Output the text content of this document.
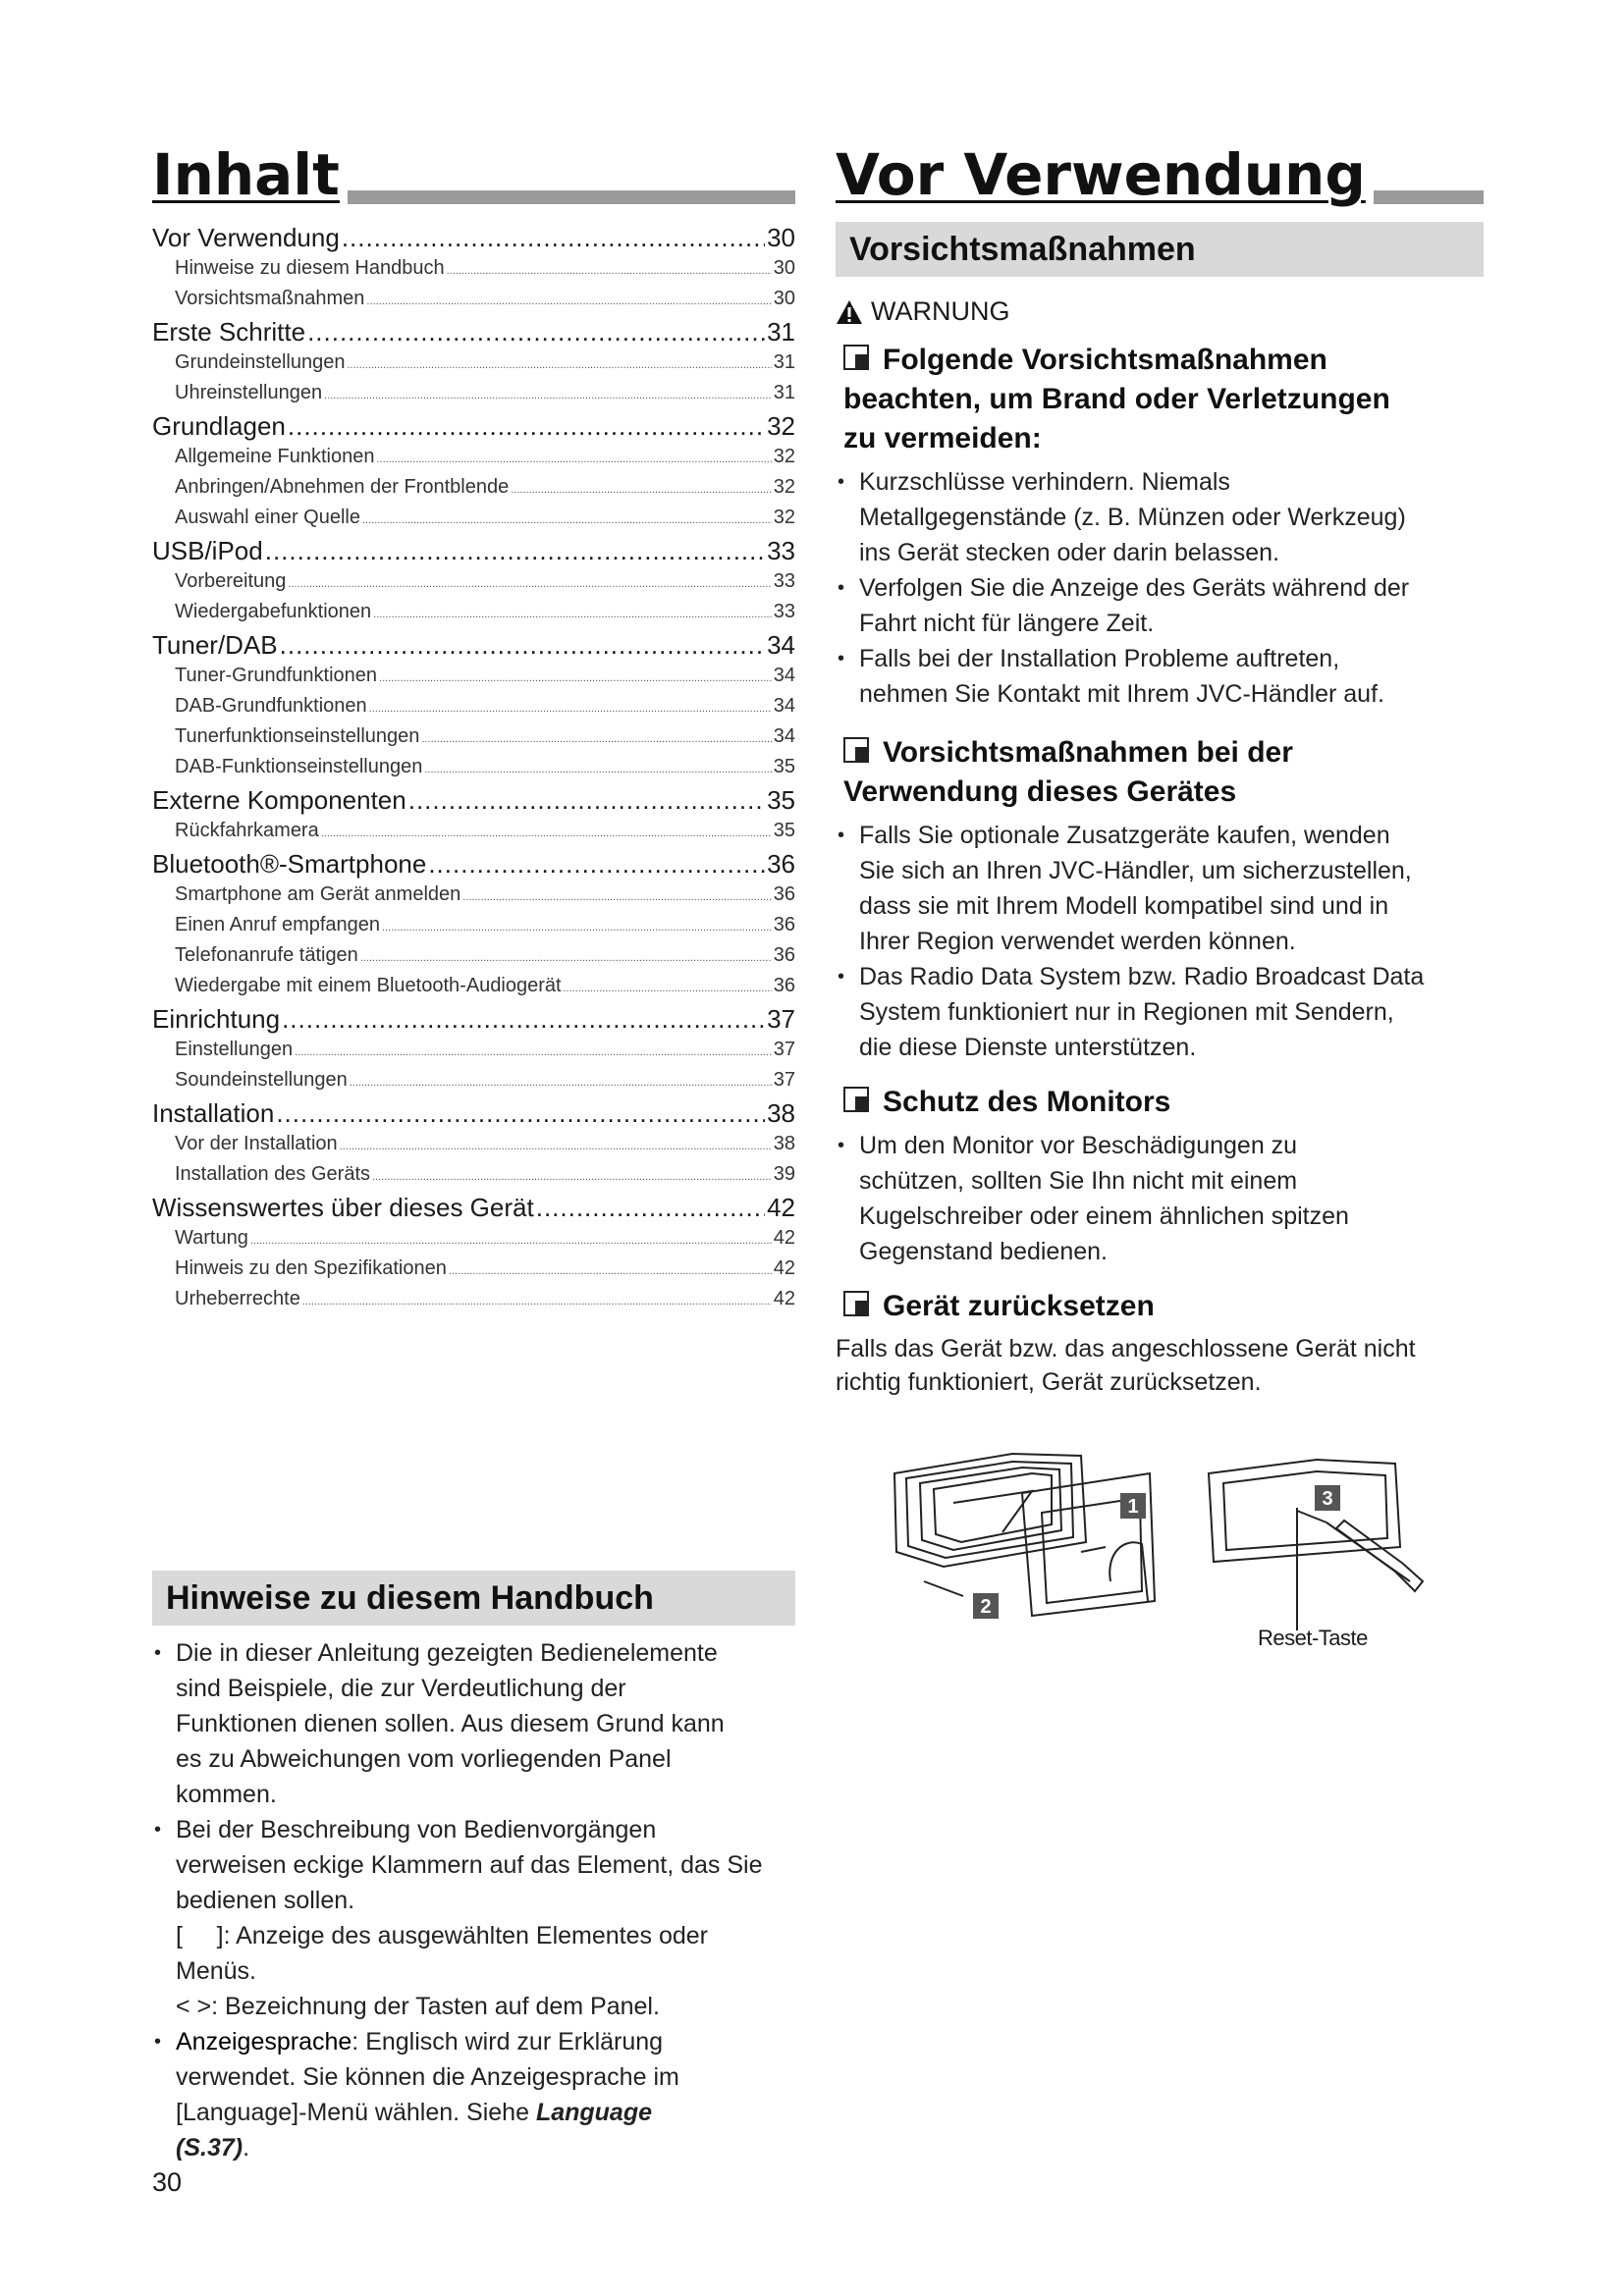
Inhalt
Vor Verwendung .....	30
Hinweise zu diesem Handbuch .....	30
Vorsichtsmaßnahmen .....	30
Erste Schritte .....	31
Grundeinstellungen .....	31
Uhreinstellungen .....	31
Grundlagen .....	32
Allgemeine Funktionen .....	32
Anbringen/Abnehmen der Frontblende .....	32
Auswahl einer Quelle .....	32
USB/iPod .....	33
Vorbereitung .....	33
Wiedergabefunktionen .....	33
Tuner/DAB .....	34
Tuner-Grundfunktionen .....	34
DAB-Grundfunktionen .....	34
Tunerfunktionseinstellungen .....	34
DAB-Funktionseinstellungen .....	35
Externe Komponenten .....	35
Rückfahrkamera .....	35
Bluetooth®-Smartphone .....	36
Smartphone am Gerät anmelden .....	36
Einen Anruf empfangen .....	36
Telefonanrufe tätigen .....	36
Wiedergabe mit einem Bluetooth-Audiogerät .....	36
Einrichtung .....	37
Einstellungen .....	37
Soundeinstellungen .....	37
Installation .....	38
Vor der Installation .....	38
Installation des Geräts .....	39
Wissenswertes über dieses Gerät .....	42
Wartung .....	42
Hinweis zu den Spezifikationen .....	42
Urheberrechte .....	42
Hinweise zu diesem Handbuch
• Die in dieser Anleitung gezeigten Bedienelemente
sind Beispiele, die zur Verdeutlichung der
Funktionen dienen sollen. Aus diesem Grund kann
es zu Abweichungen vom vorliegenden Panel
kommen.
• Bei der Beschreibung von Bedienvorgängen
verweisen eckige Klammern auf das Element, das Sie
bedienen sollen.
[     ]: Anzeige des ausgewählten Elementes oder
Menüs.
< >: Bezeichnung der Tasten auf dem Panel.
• Anzeigesprache: Englisch wird zur Erklärung
verwendet. Sie können die Anzeigesprache im
[Language]-Menü wählen. Siehe Language
(S.37).
30
Vor Verwendung
Vorsichtsmaßnahmen
WARNUNG
Folgende Vorsichtsmaßnahmen
beachten, um Brand oder Verletzungen
zu vermeiden:
• Kurzschlüsse verhindern. Niemals
Metallgegenstände (z. B. Münzen oder Werkzeug)
ins Gerät stecken oder darin belassen.
• Verfolgen Sie die Anzeige des Geräts während der
Fahrt nicht für längere Zeit.
• Falls bei der Installation Probleme auftreten,
nehmen Sie Kontakt mit Ihrem JVC-Händler auf.
Vorsichtsmaßnahmen bei der
Verwendung dieses Gerätes
• Falls Sie optionale Zusatzgeräte kaufen, wenden
Sie sich an Ihren JVC-Händler, um sicherzustellen,
dass sie mit Ihrem Modell kompatibel sind und in
Ihrer Region verwendet werden können.
• Das Radio Data System bzw. Radio Broadcast Data
System funktioniert nur in Regionen mit Sendern,
die diese Dienste unterstützen.
Schutz des Monitors
• Um den Monitor vor Beschädigungen zu
schützen, sollten Sie Ihn nicht mit einem
Kugelschreiber oder einem ähnlichen spitzen
Gegenstand bedienen.
Gerät zurücksetzen
Falls das Gerät bzw. das angeschlossene Gerät nicht
richtig funktioniert, Gerät zurücksetzen.
1
2
3
Reset-Taste
